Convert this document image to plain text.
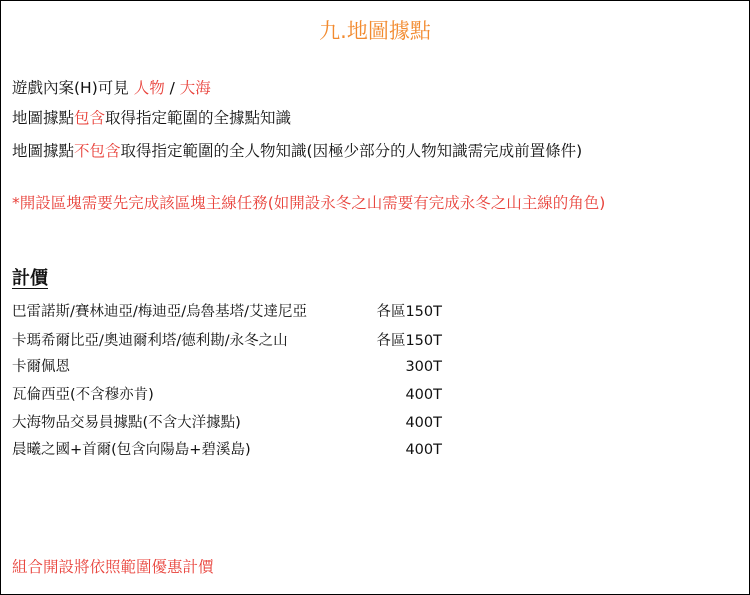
九.地圖據點
遊戲內案(H)可見 人物 / 大海
地圖據點包含取得指定範圍的全據點知識
地圖據點不包含取得指定範圍的全人物知識(因極少部分的人物知識需完成前置條件)
*開設區塊需要先完成該區塊主線任務(如開設永冬之山需要有完成永冬之山主線的角色)
計價
巴雷諾斯/賽林迪亞/梅迪亞/烏魯基塔/艾達尼亞	各區150T
卡瑪希爾比亞/奧迪爾利塔/德利勘/永冬之山	各區150T
卡爾佩恩	300T
瓦倫西亞(不含穆亦肯)	400T
大海物品交易員據點(不含大洋據點)	400T
晨曦之國+首爾(包含向陽島+碧溪島)	400T
組合開設將依照範圍優惠計價
